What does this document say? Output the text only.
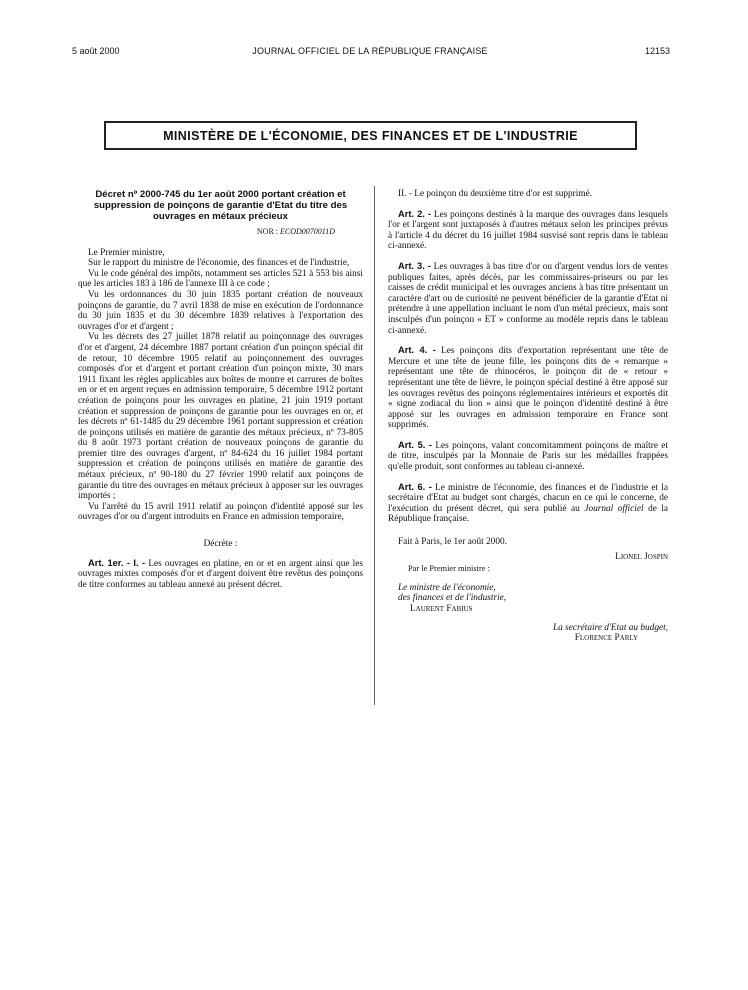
5 août 2000	JOURNAL OFFICIEL DE LA RÉPUBLIQUE FRANÇAISE	12153
MINISTÈRE DE L'ÉCONOMIE, DES FINANCES ET DE L'INDUSTRIE

Décret nº 2000-745 du 1er août 2000 portant création et suppression de poinçons de garantie d'Etat du titre des ouvrages en métaux précieux

NOR : ECOD0070011D

Le Premier ministre,

Sur le rapport du ministre de l'économie, des finances et de l'industrie,

Vu le code général des impôts, notamment ses articles 521 à 553 bis ainsi que les articles 183 à 186 de l'annexe III à ce code ;

Vu les ordonnances du 30 juin 1835 portant création de nouveaux poinçons de garantie, du 7 avril 1838 de mise en exécution de l'ordonnance du 30 juin 1835 et du 30 décembre 1839 relatives à l'exportation des ouvrages d'or et d'argent ;

Vu les décrets des 27 juillet 1878 relatif au poinçonnage des ouvrages d'or et d'argent, 24 décembre 1887 portant création d'un poinçon spécial dit de retour, 10 décembre 1905 relatif au poinçonnement des ouvrages composés d'or et d'argent et portant création d'un poinçon mixte, 30 mars 1911 fixant les règles applicables aux boîtes de montre et carrures de boîtes en or et en argent reçues en admission temporaire, 5 décembre 1912 portant création de poinçons pour les ouvrages en platine, 21 juin 1919 portant création et suppression de poinçons de garantie pour les ouvrages en or, et les décrets nº 61-1485 du 29 décembre 1961 portant suppression et création de poinçons utilisés en matière de garantie des métaux précieux, nº 73-805 du 8 août 1973 portant création de nouveaux poinçons de garantie du premier titre des ouvrages d'argent, nº 84-624 du 16 juillet 1984 portant suppression et création de poinçons utilisés en matière de garantie des métaux précieux, nº 90-180 du 27 février 1990 relatif aux poinçons de garantie du titre des ouvrages en métaux précieux à apposer sur les ouvrages importés ;

Vu l'arrêté du 15 avril 1911 relatif au poinçon d'identité apposé sur les ouvrages d'or ou d'argent introduits en France en admission temporaire,

Décrète :

Art. 1er. - I. - Les ouvrages en platine, en or et en argent ainsi que les ouvrages mixtes composés d'or et d'argent doivent être revêtus des poinçons de titre conformes au tableau annexé au présent décret.

II. - Le poinçon du deuxième titre d'or est supprimé.

Art. 2. - Les poinçons destinés à la marque des ouvrages dans lesquels l'or et l'argent sont juxtaposés à d'autres métaux selon les principes prévus à l'article 4 du décret du 16 juillet 1984 susvisé sont repris dans le tableau ci-annexé.

Art. 3. - Les ouvrages à bas titre d'or ou d'argent vendus lors de ventes publiques faites, après décès, par les commissaires-priseurs ou par les caisses de crédit municipal et les ouvrages anciens à bas titre présentant un caractère d'art ou de curiosité ne peuvent bénéficier de la garantie d'Etat ni prétendre à une appellation incluant le nom d'un métal précieux, mais sont insculpés d'un poinçon « ET » conforme au modèle repris dans le tableau ci-annexé.

Art. 4. - Les poinçons dits d'exportation représentant une tête de Mercure et une tête de jeune fille, les poinçons dits de « remarque » représentant une tête de rhinocéros, le poinçon dit de « retour » représentant une tête de lièvre, le poinçon spécial destiné à être apposé sur les ouvrages revêtus des poinçons réglementaires intérieurs et exportés dit « signe zodiacal du lion » ainsi que le poinçon d'identité destiné à être apposé sur les ouvrages en admission temporaire en France sont supprimés.

Art. 5. - Les poinçons, valant concomitamment poinçons de maître et de titre, insculpés par la Monnaie de Paris sur les médailles frappées qu'elle produit, sont conformes au tableau ci-annexé.

Art. 6. - Le ministre de l'économie, des finances et de l'industrie et la secrétaire d'Etat au budget sont chargés, chacun en ce qui le concerne, de l'exécution du présent décret, qui sera publié au Journal officiel de la République française.

Fait à Paris, le 1er août 2000.

Lionel Jospin

Par le Premier ministre :

Le ministre de l'économie,

des finances et de l'industrie,

Laurent Fabius

La secrétaire d'Etat au budget,

Florence Parly
